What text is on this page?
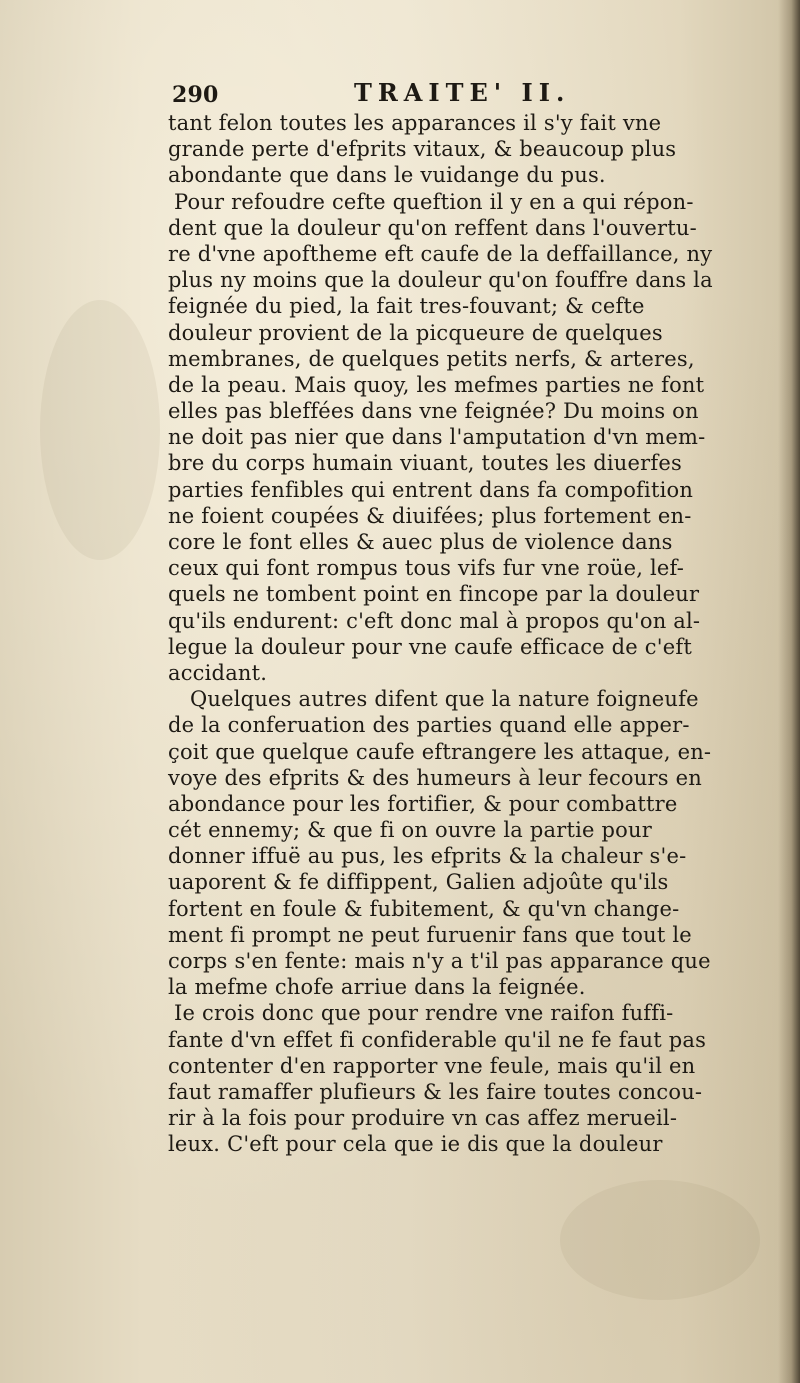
290	TRAITE' II.
tant felon toutes les apparances il s'y fait vne
grande perte d'efprits vitaux, & beaucoup plus
abondante que dans le vuidange du pus.
Pour refoudre cefte queftion il y en a qui répon-
dent que la douleur qu'on reffent dans l'ouvertu-
re d'vne apoftheme eft caufe de la deffaillance, ny
plus ny moins que la douleur qu'on fouffre dans la
feignée du pied, la fait tres-fouvant; & cefte
douleur provient de la picqueure de quelques
membranes, de quelques petits nerfs, & arteres,
de la peau. Mais quoy, les mefmes parties ne font
elles pas bleffées dans vne feignée? Du moins on
ne doit pas nier que dans l'amputation d'vn mem-
bre du corps humain viuant, toutes les diuerfes
parties fenfibles qui entrent dans fa compofition
ne foient coupées & diuifées; plus fortement en-
core le font elles & auec plus de violence dans
ceux qui font rompus tous vifs fur vne roüe, lef-
quels ne tombent point en fincope par la douleur
qu'ils endurent: c'eft donc mal à propos qu'on al-
legue la douleur pour vne caufe efficace de c'eft
accidant.
Quelques autres difent que la nature foigneufe
de la conferuation des parties quand elle apper-
çoit que quelque caufe eftrangere les attaque, en-
voye des efprits & des humeurs à leur fecours en
abondance pour les fortifier, & pour combattre
cét ennemy; & que fi on ouvre la partie pour
donner iffuë au pus, les efprits & la chaleur s'e-
uaporent & fe diffippent, Galien adjoûte qu'ils
fortent en foule & fubitement, & qu'vn change-
ment fi prompt ne peut furuenir fans que tout le
corps s'en fente: mais n'y a t'il pas apparance que
la mefme chofe arriue dans la feignée.
Ie crois donc que pour rendre vne raifon fuffi-
fante d'vn effet fi confiderable qu'il ne fe faut pas
contenter d'en rapporter vne feule, mais qu'il en
faut ramaffer plufieurs & les faire toutes concou-
rir à la fois pour produire vn cas affez merueil-
leux. C'eft pour cela que ie dis que la douleur
